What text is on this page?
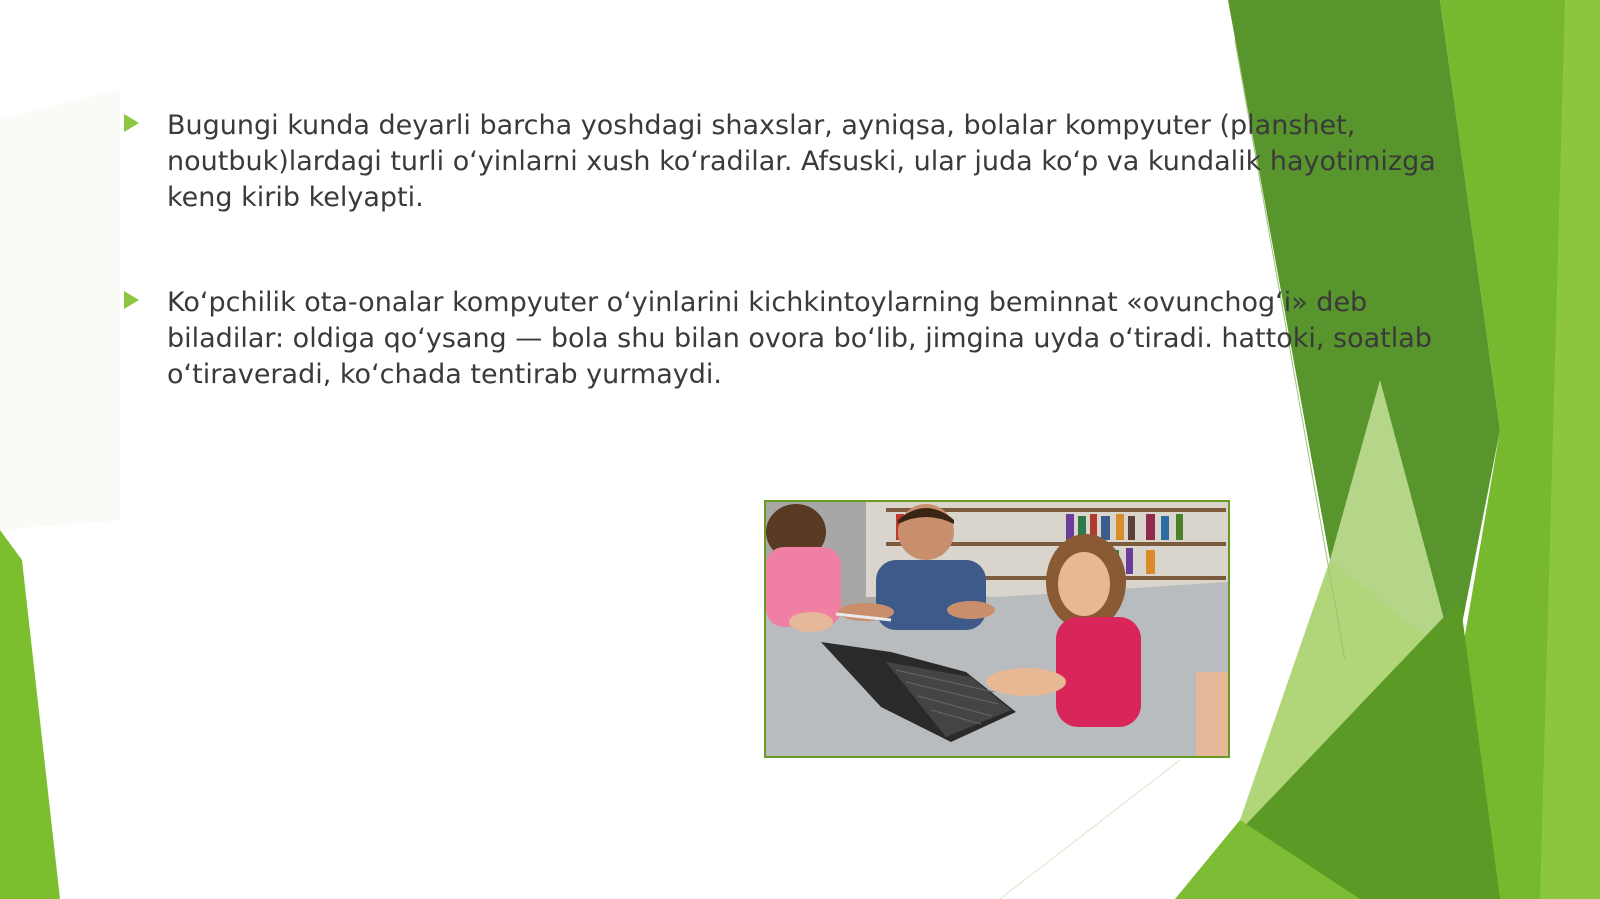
Bugungi kunda deyarli barcha yoshdagi shaxslar, ayniqsa, bolalar kompyuter (planshet, noutbuk)lardagi turli o‘yinlarni xush ko‘radilar. Afsuski, ular juda ko‘p va kundalik hayotimizga keng kirib kelyapti.
Ko‘pchilik ota-onalar kompyuter o‘yinlarini kichkintoylarning beminnat «ovunchog‘i» deb biladilar: oldiga qo‘ysang — bola shu bilan ovora bo‘lib, jimgina uyda o‘tiradi. hattoki, soatlab o‘tiraveradi, ko‘chada tentirab yurmaydi.
